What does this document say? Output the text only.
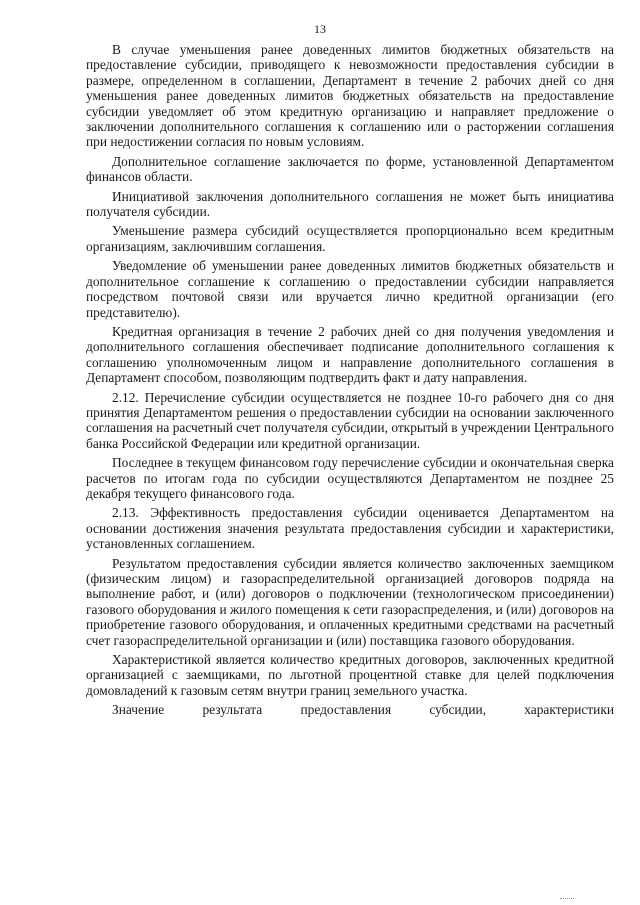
13

В случае уменьшения ранее доведенных лимитов бюджетных обязательств на предоставление субсидии, приводящего к невозможности предоставления субсидии в размере, определенном в соглашении, Департамент в течение 2 рабочих дней со дня уменьшения ранее доведенных лимитов бюджетных обязательств на предоставление субсидии уведомляет об этом кредитную организацию и направляет предложение о заключении дополнительного соглашения к соглашению или о расторжении соглашения при недостижении согласия по новым условиям.

Дополнительное соглашение заключается по форме, установленной Департаментом финансов области.

Инициативой заключения дополнительного соглашения не может быть инициатива получателя субсидии.

Уменьшение размера субсидий осуществляется пропорционально всем кредитным организациям, заключившим соглашения.

Уведомление об уменьшении ранее доведенных лимитов бюджетных обязательств и дополнительное соглашение к соглашению о предоставлении субсидии направляется посредством почтовой связи или вручается лично кредитной организации (его представителю).

Кредитная организация в течение 2 рабочих дней со дня получения уведомления и дополнительного соглашения обеспечивает подписание дополнительного соглашения к соглашению уполномоченным лицом и направление дополнительного соглашения в Департамент способом, позволяющим подтвердить факт и дату направления.

2.12. Перечисление субсидии осуществляется не позднее 10-го рабочего дня со дня принятия Департаментом решения о предоставлении субсидии на основании заключенного соглашения на расчетный счет получателя субсидии, открытый в учреждении Центрального банка Российской Федерации или кредитной организации.

Последнее в текущем финансовом году перечисление субсидии и окончательная сверка расчетов по итогам года по субсидии осуществляются Департаментом не позднее 25 декабря текущего финансового года.

2.13. Эффективность предоставления субсидии оценивается Департаментом на основании достижения значения результата предоставления субсидии и характеристики, установленных соглашением.

Результатом предоставления субсидии является количество заключенных заемщиком (физическим лицом) и газораспределительной организацией договоров подряда на выполнение работ, и (или) договоров о подключении (технологическом присоединении) газового оборудования и жилого помещения к сети газораспределения, и (или) договоров на приобретение газового оборудования, и оплаченных кредитными средствами на расчетный счет газораспределительной организации и (или) поставщика газового оборудования.

Характеристикой является количество кредитных договоров, заключенных кредитной организацией с заемщиками, по льготной процентной ставке для целей подключения домовладений к газовым сетям внутри границ земельного участка.

Значение результата предоставления субсидии, характеристики
